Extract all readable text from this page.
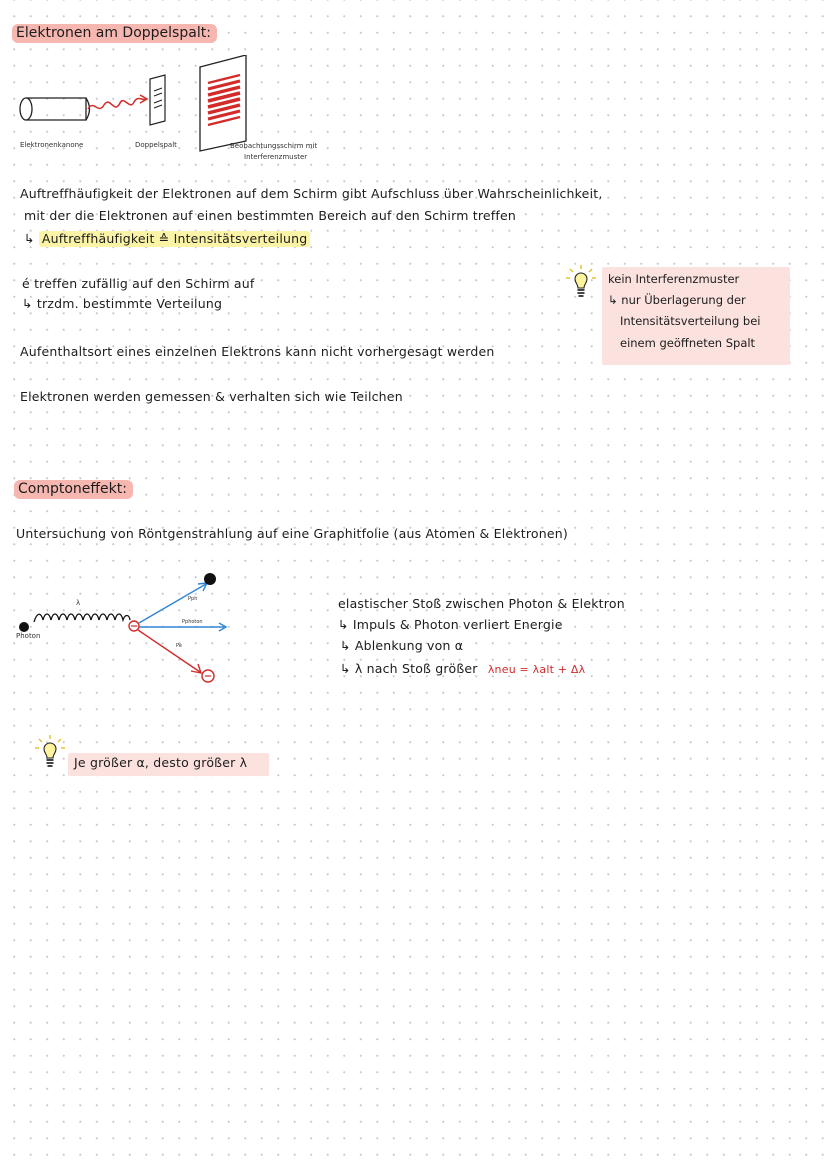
Elektronen am Doppelspalt:
Elektronenkanone	Doppelspalt	Beobachtungsschirm mit
Interferenzmuster
Auftreffhäufigkeit der Elektronen auf dem Schirm gibt Aufschluss über Wahrscheinlichkeit,
mit der die Elektronen auf einen bestimmten Bereich auf den Schirm treffen
↳ Auftreffhäufigkeit ≙ Intensitätsverteilung
é treffen zufällig auf den Schirm auf
↳ trzdm. bestimmte Verteilung
Aufenthaltsort eines einzelnen Elektrons kann nicht vorhergesagt werden
Elektronen werden gemessen & verhalten sich wie Teilchen
kein Interferenzmuster
↳ nur Überlagerung der
Intensitätsverteilung bei
einem geöffneten Spalt
Comptoneffekt:
Untersuchung von Röntgenstrahlung auf eine Graphitfolie (aus Atomen & Elektronen)
Photon
λ	Pph
Pphoton
Pé
elastischer Stoß zwischen Photon & Elektron
↳ Impuls & Photon verliert Energie
↳ Ablenkung von α
↳ λ nach Stoß größer λneu = λalt + Δλ
Je größer α, desto größer λ
